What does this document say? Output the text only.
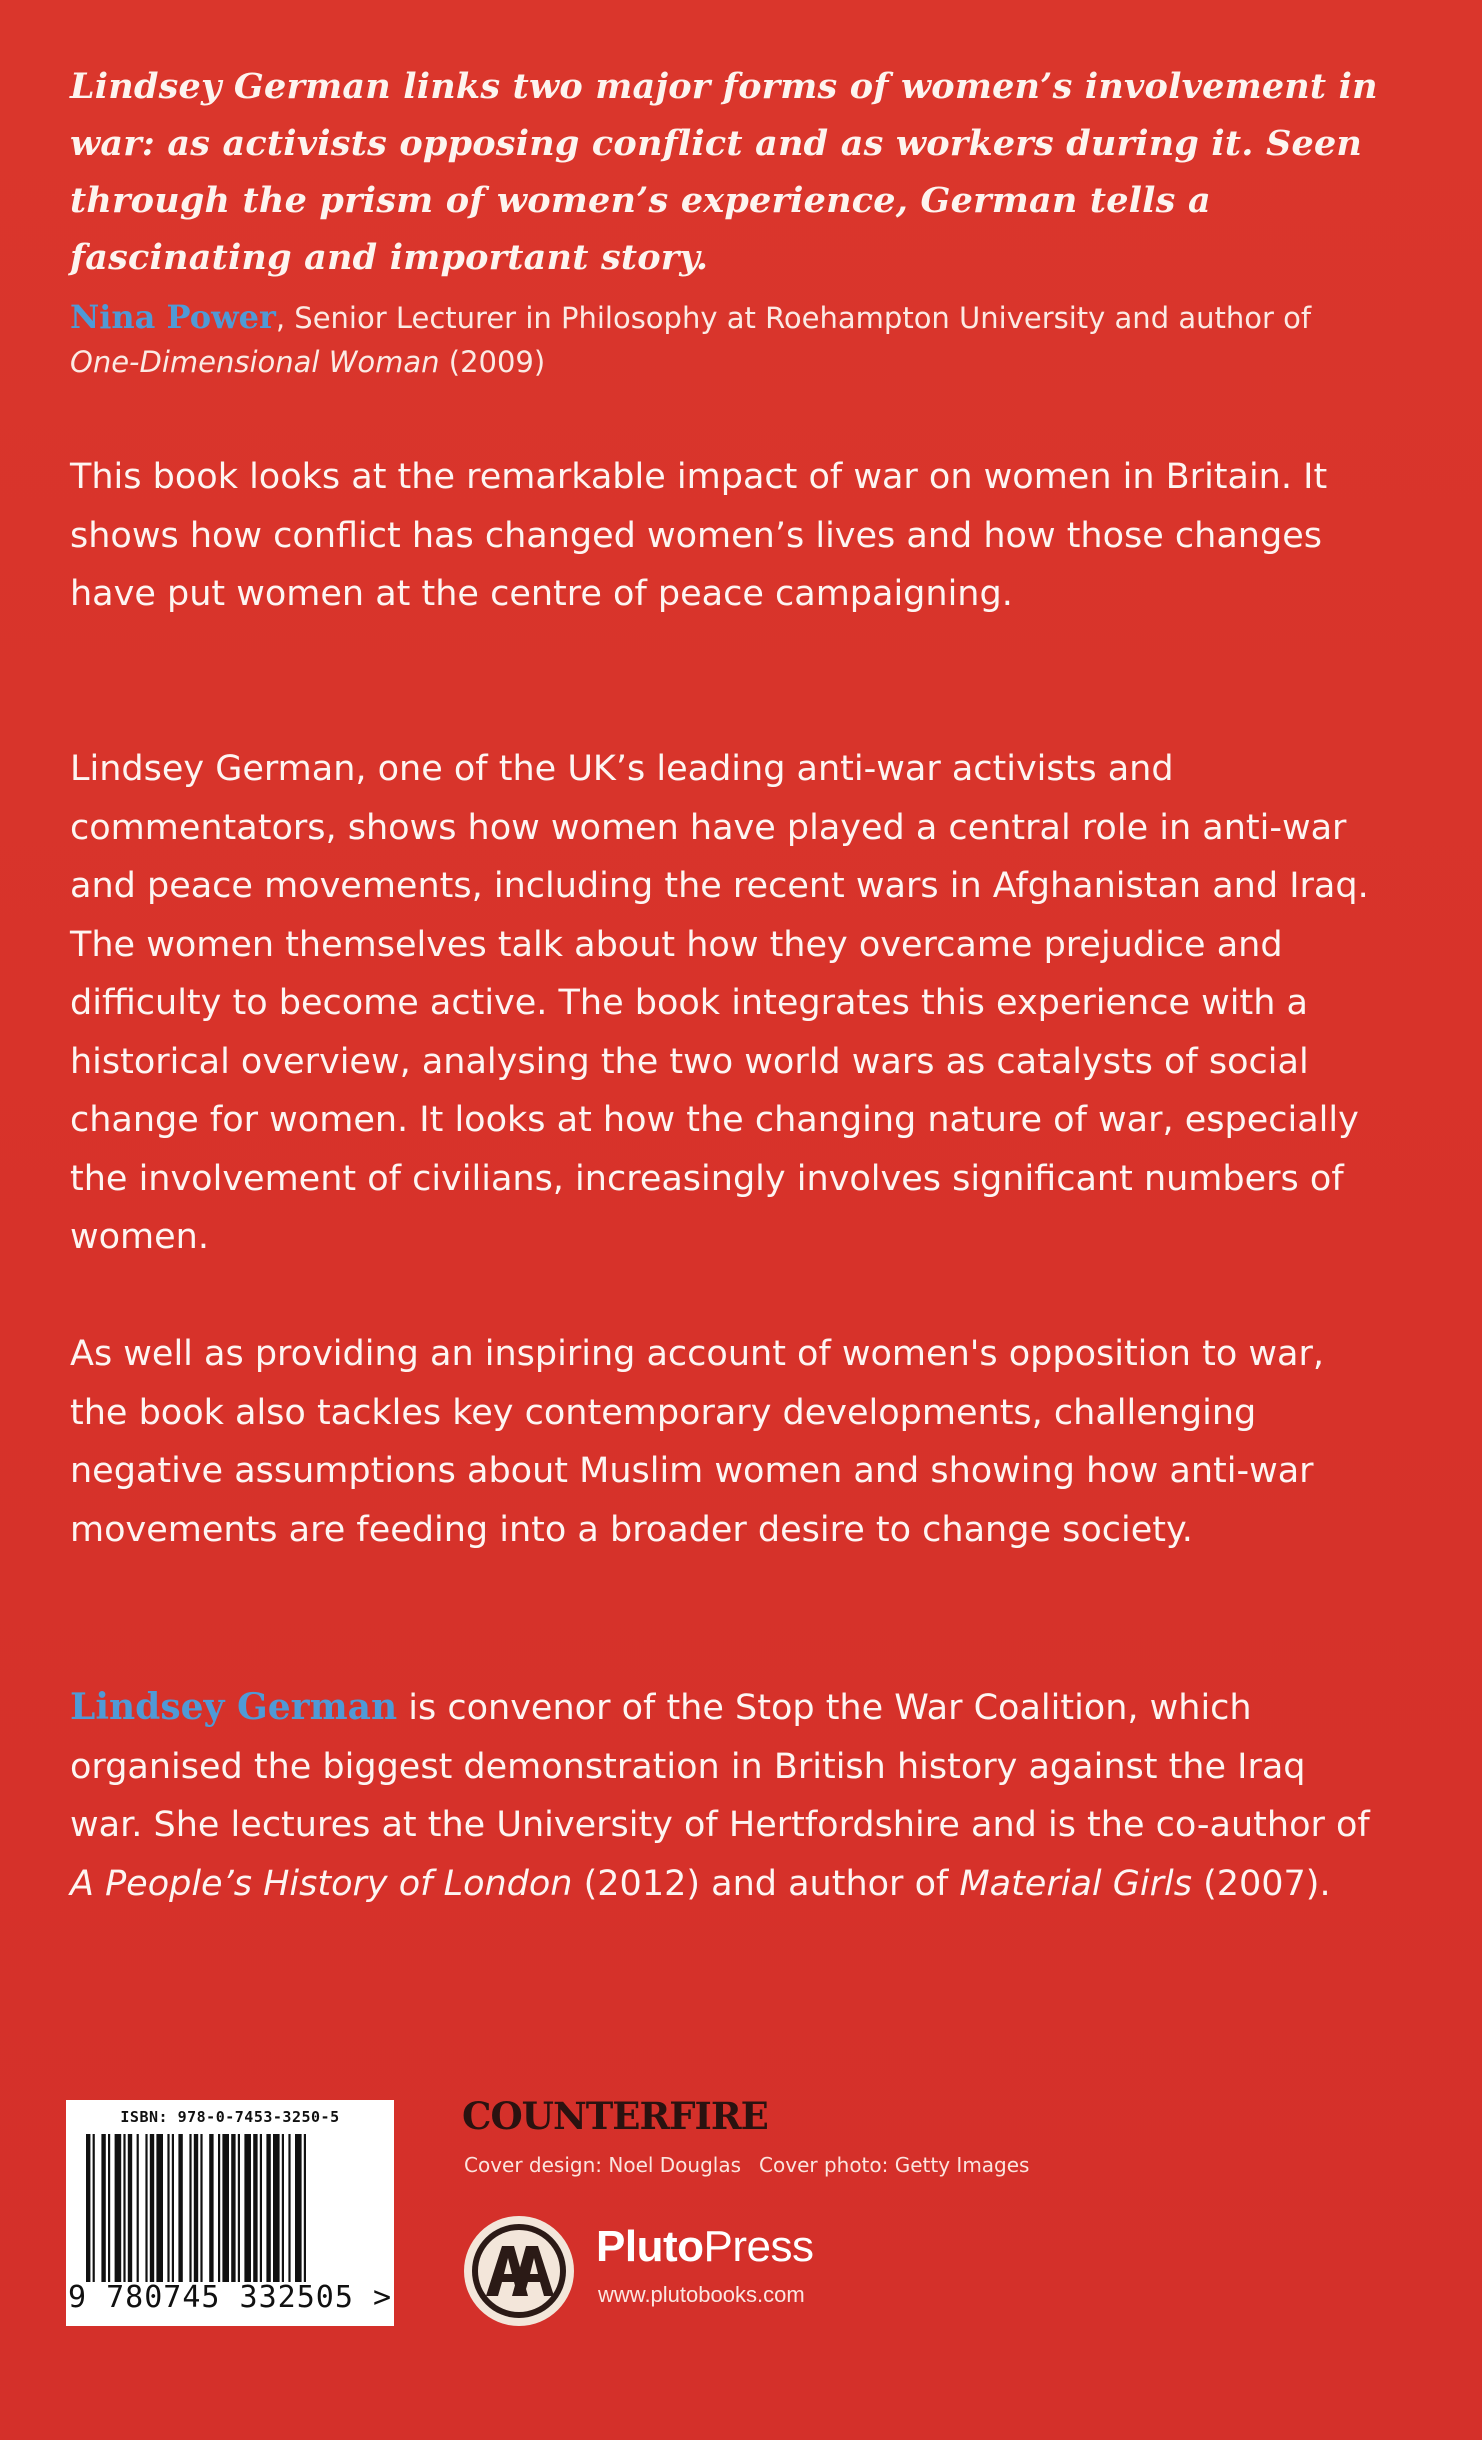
Lindsey German links two major forms of women’s involvement in war: as activists opposing conflict and as workers during it. Seen through the prism of women’s experience, German tells a fascinating and important story.
Nina Power, Senior Lecturer in Philosophy at Roehampton University and author of One-Dimensional Woman (2009)
This book looks at the remarkable impact of war on women in Britain. It shows how conflict has changed women’s lives and how those changes have put women at the centre of peace campaigning.
Lindsey German, one of the UK’s leading anti-war activists and commentators, shows how women have played a central role in anti-war and peace movements, including the recent wars in Afghanistan and Iraq. The women themselves talk about how they overcame prejudice and difficulty to become active. The book integrates this experience with a historical overview, analysing the two world wars as catalysts of social change for women. It looks at how the changing nature of war, especially the involvement of civilians, increasingly involves significant numbers of women.
As well as providing an inspiring account of women's opposition to war, the book also tackles key contemporary developments, challenging negative assumptions about Muslim women and showing how anti-war movements are feeding into a broader desire to change society.
Lindsey German is convenor of the Stop the War Coalition, which organised the biggest demonstration in British history against the Iraq war. She lectures at the University of Hertfordshire and is the co-author of A People’s History of London (2012) and author of Material Girls (2007).
ISBN: 978-0-7453-3250-5
9 780745 332505 >
COUNTERFIRE
Cover design: Noel Douglas Cover photo: Getty Images
PlutoPress
www.plutobooks.com
